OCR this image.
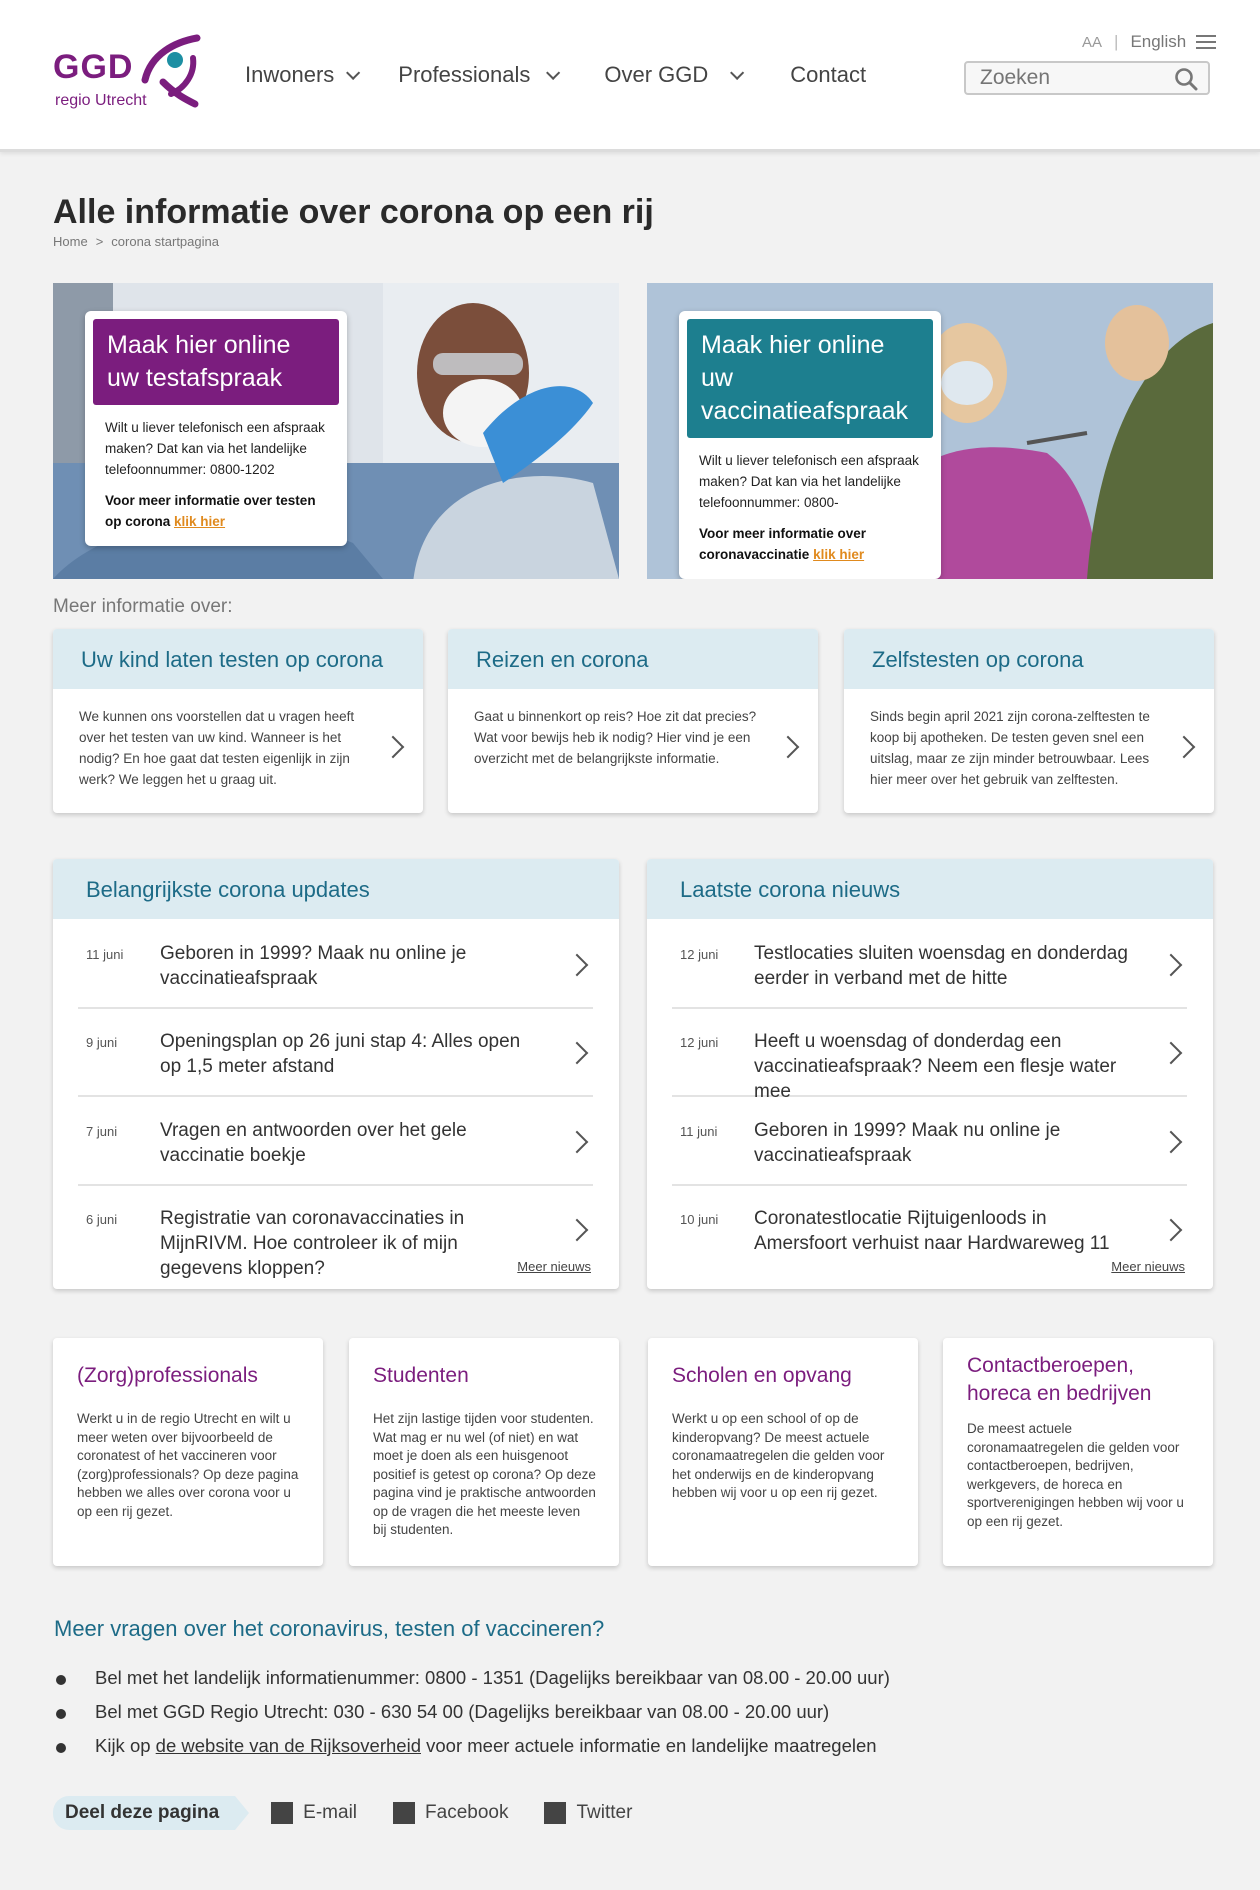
GGD
regio Utrecht
Inwoners	Professionals	Over GGD	Contact
AA | English
Zoeken
Alle informatie over corona op een rij
Home > corona startpagina
Maak hier online uw testafspraak
Wilt u liever telefonisch een afspraak maken? Dat kan via het landelijke telefoonnummer: 0800-1202
Voor meer informatie over testen op corona klik hier
Maak hier online uw vaccinatieafspraak
Wilt u liever telefonisch een afspraak maken? Dat kan via het landelijke telefoonnummer: 0800-
Voor meer informatie over coronavaccinatie klik hier
Meer informatie over:
Uw kind laten testen op corona
We kunnen ons voorstellen dat u vragen heeft over het testen van uw kind. Wanneer is het nodig? En hoe gaat dat testen eigenlijk in zijn werk? We leggen het u graag uit.
Reizen en corona
Gaat u binnenkort op reis? Hoe zit dat precies? Wat voor bewijs heb ik nodig? Hier vind je een overzicht met de belangrijkste informatie.
Zelfstesten op corona
Sinds begin april 2021 zijn corona-zelftesten te koop bij apotheken. De testen geven snel een uitslag, maar ze zijn minder betrouwbaar. Lees hier meer over het gebruik van zelftesten.
Belangrijkste corona updates
11 juni Geboren in 1999? Maak nu online je vaccinatieafspraak
9 juni Openingsplan op 26 juni stap 4: Alles open op 1,5 meter afstand
7 juni Vragen en antwoorden over het gele vaccinatie boekje
6 juni Registratie van coronavaccinaties in MijnRIVM. Hoe controleer ik of mijn gegevens kloppen?	Meer nieuws
Laatste corona nieuws
12 juni Testlocaties sluiten woensdag en donderdag eerder in verband met de hitte
12 juni Heeft u woensdag of donderdag een vaccinatieafspraak? Neem een flesje water mee
11 juni Geboren in 1999? Maak nu online je vaccinatieafspraak
10 juni Coronatestlocatie Rijtuigenloods in Amersfoort verhuist naar Hardwareweg 11
Meer nieuws
(Zorg)professionals
Werkt u in de regio Utrecht en wilt u meer weten over bijvoorbeeld de coronatest of het vaccineren voor (zorg)professionals? Op deze pagina hebben we alles over corona voor u op een rij gezet.
Studenten
Het zijn lastige tijden voor studenten. Wat mag er nu wel (of niet) en wat moet je doen als een huisgenoot positief is getest op corona? Op deze pagina vind je praktische antwoorden op de vragen die het meeste leven bij studenten.
Scholen en opvang
Werkt u op een school of op de kinderopvang? De meest actuele coronamaatregelen die gelden voor het onderwijs en de kinderopvang hebben wij voor u op een rij gezet.
Contactberoepen, horeca en bedrijven
De meest actuele coronamaatregelen die gelden voor contactberoepen, bedrijven, werkgevers, de horeca en sportverenigingen hebben wij voor u op een rij gezet.
Meer vragen over het coronavirus, testen of vaccineren?
Bel met het landelijk informatienummer: 0800 - 1351 (Dagelijks bereikbaar van 08.00 - 20.00 uur)
Bel met GGD Regio Utrecht: 030 - 630 54 00 (Dagelijks bereikbaar van 08.00 - 20.00 uur)
Kijk op de website van de Rijksoverheid voor meer actuele informatie en landelijke maatregelen
Deel deze pagina	E-mail	Facebook	Twitter
